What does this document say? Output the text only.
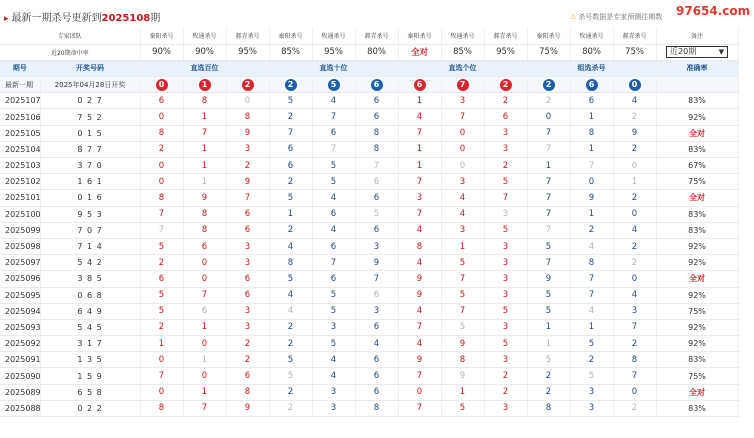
▸ 最新一期杀号更新到2025108期	⚠ 杀号数据是专家预测往期数	97654.com
专家团队		秦阳杀号	牧通杀号	郝青杀号	秦阳杀号	牧通杀号	郝青杀号	秦阳杀号	牧通杀号	郝青杀号	秦阳杀号	牧通杀号	郝青杀号	备注
近20期命中率		90%	90%	95%	85%	95%	80%	全对	85%	95%	75%	80%	75%	近20期 ▼

期号	开奖号码	直选百位			直选十位			直选个位			组选杀号			准确率
最新一期	2025年04月28日开奖	0	1	2	2	5	6	6	7	2	2	6	0	
2025107	0 2 7	6	8	0	5	4	6	1	3	2	2	6	4	83%
2025106	7 5 2	0	1	8	2	7	6	4	7	6	0	1	2	92%
2025105	0 1 5	8	7	9	7	6	8	7	0	3	7	8	9	全对
2025104	8 7 7	2	1	3	6	7	8	1	0	3	7	1	2	83%
2025103	3 7 0	0	1	2	6	5	7	1	0	2	1	7	0	67%
2025102	1 6 1	0	1	9	2	5	6	7	3	5	7	0	1	75%
2025101	0 1 6	8	9	7	5	4	6	3	4	7	7	9	2	全对
2025100	9 5 3	7	8	6	1	6	5	7	4	3	7	1	0	83%
2025099	7 0 7	7	8	6	2	4	6	4	3	5	7	2	4	83%
2025098	7 1 4	5	6	3	4	6	3	8	1	3	5	4	2	92%
2025097	5 4 2	2	0	3	8	7	9	4	5	3	7	8	2	92%
2025096	3 8 5	6	0	6	5	6	7	9	7	3	9	7	0	全对
2025095	0 6 8	5	7	6	4	5	6	9	5	3	5	7	4	92%
2025094	6 4 9	5	6	3	4	5	3	4	7	5	5	4	3	75%
2025093	5 4 5	2	1	3	2	3	6	7	5	3	1	1	7	92%
2025092	3 1 7	1	0	2	2	5	4	4	9	5	1	5	2	92%
2025091	1 3 5	0	1	2	5	4	6	9	8	3	5	2	8	83%
2025090	1 5 9	7	0	6	5	4	6	7	9	2	2	5	7	75%
2025089	6 5 8	0	1	8	2	3	6	0	1	2	2	3	0	全对
2025088	0 2 2	8	7	9	2	3	8	7	5	3	8	3	2	83%
